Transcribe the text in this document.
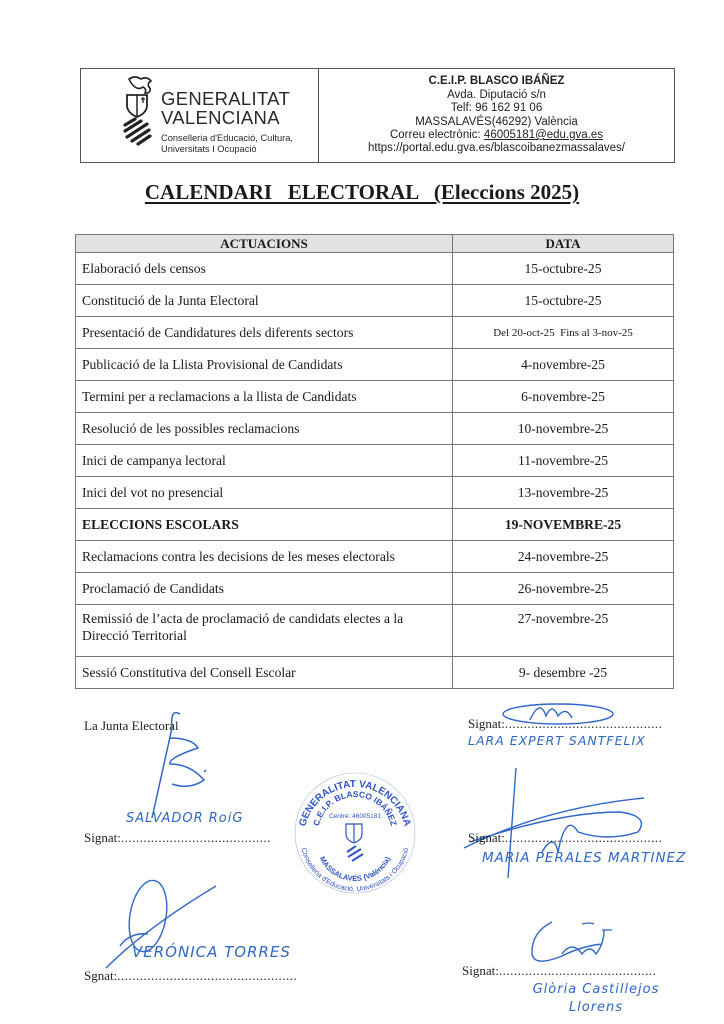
GENERALITAT
VALENCIANA
Conselleria d'Educació, Cultura,
Universitats I Ocupació
C.E.I.P. BLASCO IBÁÑEZ
Avda. Diputació s/n
Telf: 96 162 91 06
MASSALAVÉS(46292) València
Correu electrònic: 46005181@edu.gva.es
https://portal.edu.gva.es/blascoibanezmassalaves/
CALENDARI   ELECTORAL   (Eleccions 2025)
ACTUACIONS	DATA
Elaboració dels censos	15-octubre-25
Constitució de la Junta Electoral	15-octubre-25
Presentació de Candidatures dels diferents sectors	Del 20-oct-25  Fins al 3-nov-25
Publicació de la Llista Provisional de Candidats	4-novembre-25
Termini per a reclamacions a la llista de Candidats	6-novembre-25
Resolució de les possibles reclamacions	10-novembre-25
Inici de campanya lectoral	11-novembre-25
Inici del vot no presencial	13-novembre-25
ELECCIONS ESCOLARS	19-NOVEMBRE-25
Reclamacions contra les decisions de les meses electorals	24-novembre-25
Proclamació de Candidats	26-novembre-25
Remissió de l’acta de proclamació de candidats electes a la Direcció Territorial	27-novembre-25
Sessió Constitutiva del Consell Escolar	9- desembre -25
La Junta Electoral
SALVADOR RoiG
Signat:........................................
VERÓNICA TORRES
Sgnat:................................................
GENERALITAT VALENCIANA
C.E.I.P. BLASCO IBÁÑEZ
Centre: 46005181
MASSALAVÉS (València)
Conselleria d'Educació, Universitats i Ocupació
Signat:..........................................
LARA EXPERT SANTFELIX
Signat:..........................................
MARIA PERALES MARTINEZ
Signat:..........................................
Glòria Castillejos Llorens
